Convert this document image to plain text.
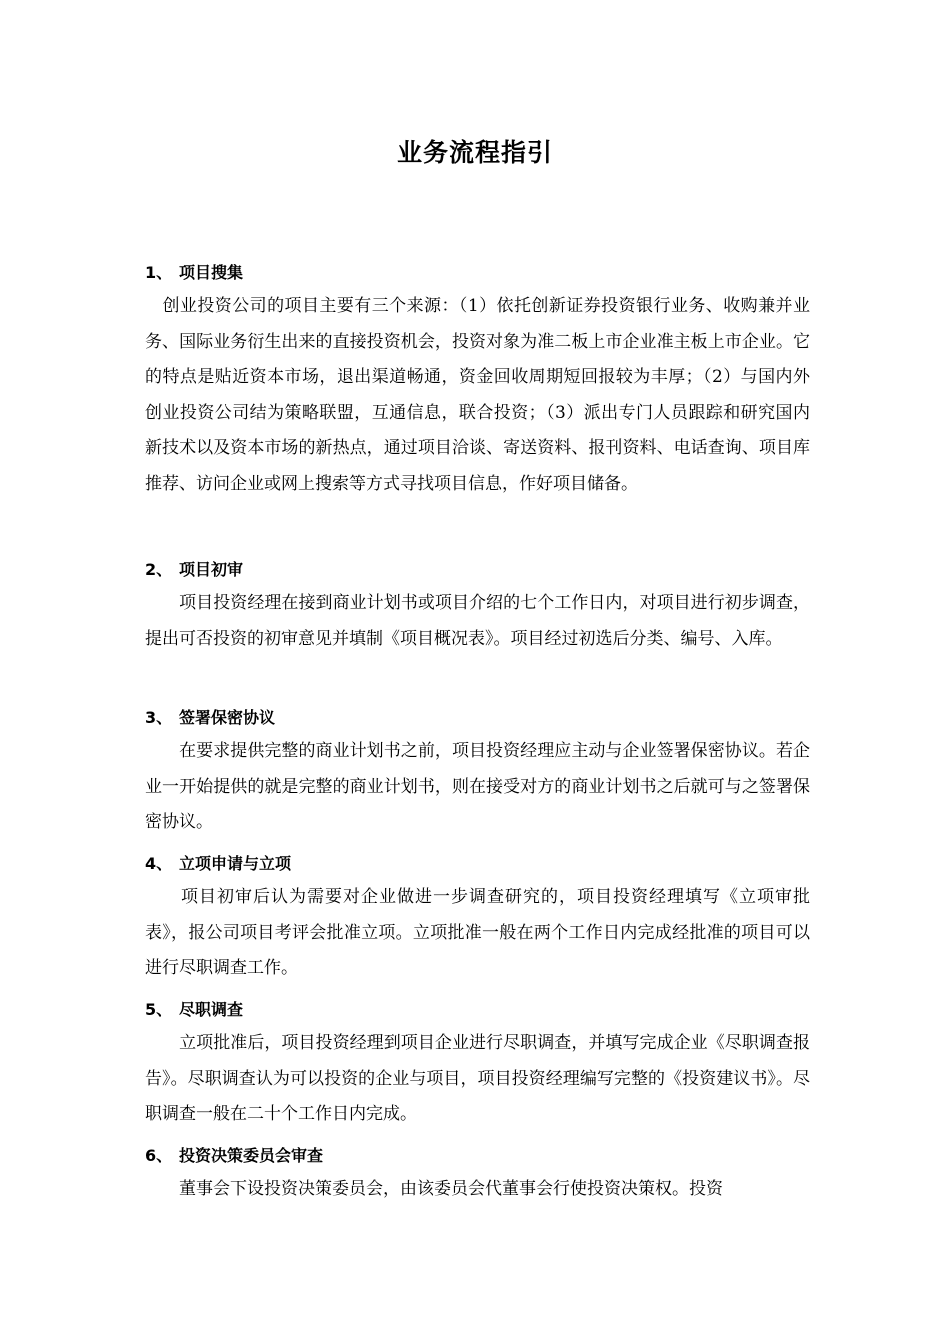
业务流程指引
1、 项目搜集
　创业投资公司的项目主要有三个来源：（1）依托创新证券投资银行业务、收购兼并业务、国际业务衍生出来的直接投资机会，投资对象为准二板上市企业准主板上市企业。它的特点是贴近资本市场，退出渠道畅通，资金回收周期短回报较为丰厚；（2）与国内外创业投资公司结为策略联盟，互通信息，联合投资；（3）派出专门人员跟踪和研究国内新技术以及资本市场的新热点，通过项目洽谈、寄送资料、报刊资料、电话查询、项目库推荐、访问企业或网上搜索等方式寻找项目信息，作好项目储备。
2、 项目初审
　　项目投资经理在接到商业计划书或项目介绍的七个工作日内，对项目进行初步调查，提出可否投资的初审意见并填制《项目概况表》。项目经过初选后分类、编号、入库。
3、 签署保密协议
　　在要求提供完整的商业计划书之前，项目投资经理应主动与企业签署保密协议。若企业一开始提供的就是完整的商业计划书，则在接受对方的商业计划书之后就可与之签署保密协议。
4、 立项申请与立项
　　项目初审后认为需要对企业做进一步调查研究的，项目投资经理填写《立项审批表》，报公司项目考评会批准立项。立项批准一般在两个工作日内完成经批准的项目可以进行尽职调查工作。
5、 尽职调查
　　立项批准后，项目投资经理到项目企业进行尽职调查，并填写完成企业《尽职调查报告》。尽职调查认为可以投资的企业与项目，项目投资经理编写完整的《投资建议书》。尽职调查一般在二十个工作日内完成。
6、 投资决策委员会审查
　　董事会下设投资决策委员会，由该委员会代董事会行使投资决策权。投资
